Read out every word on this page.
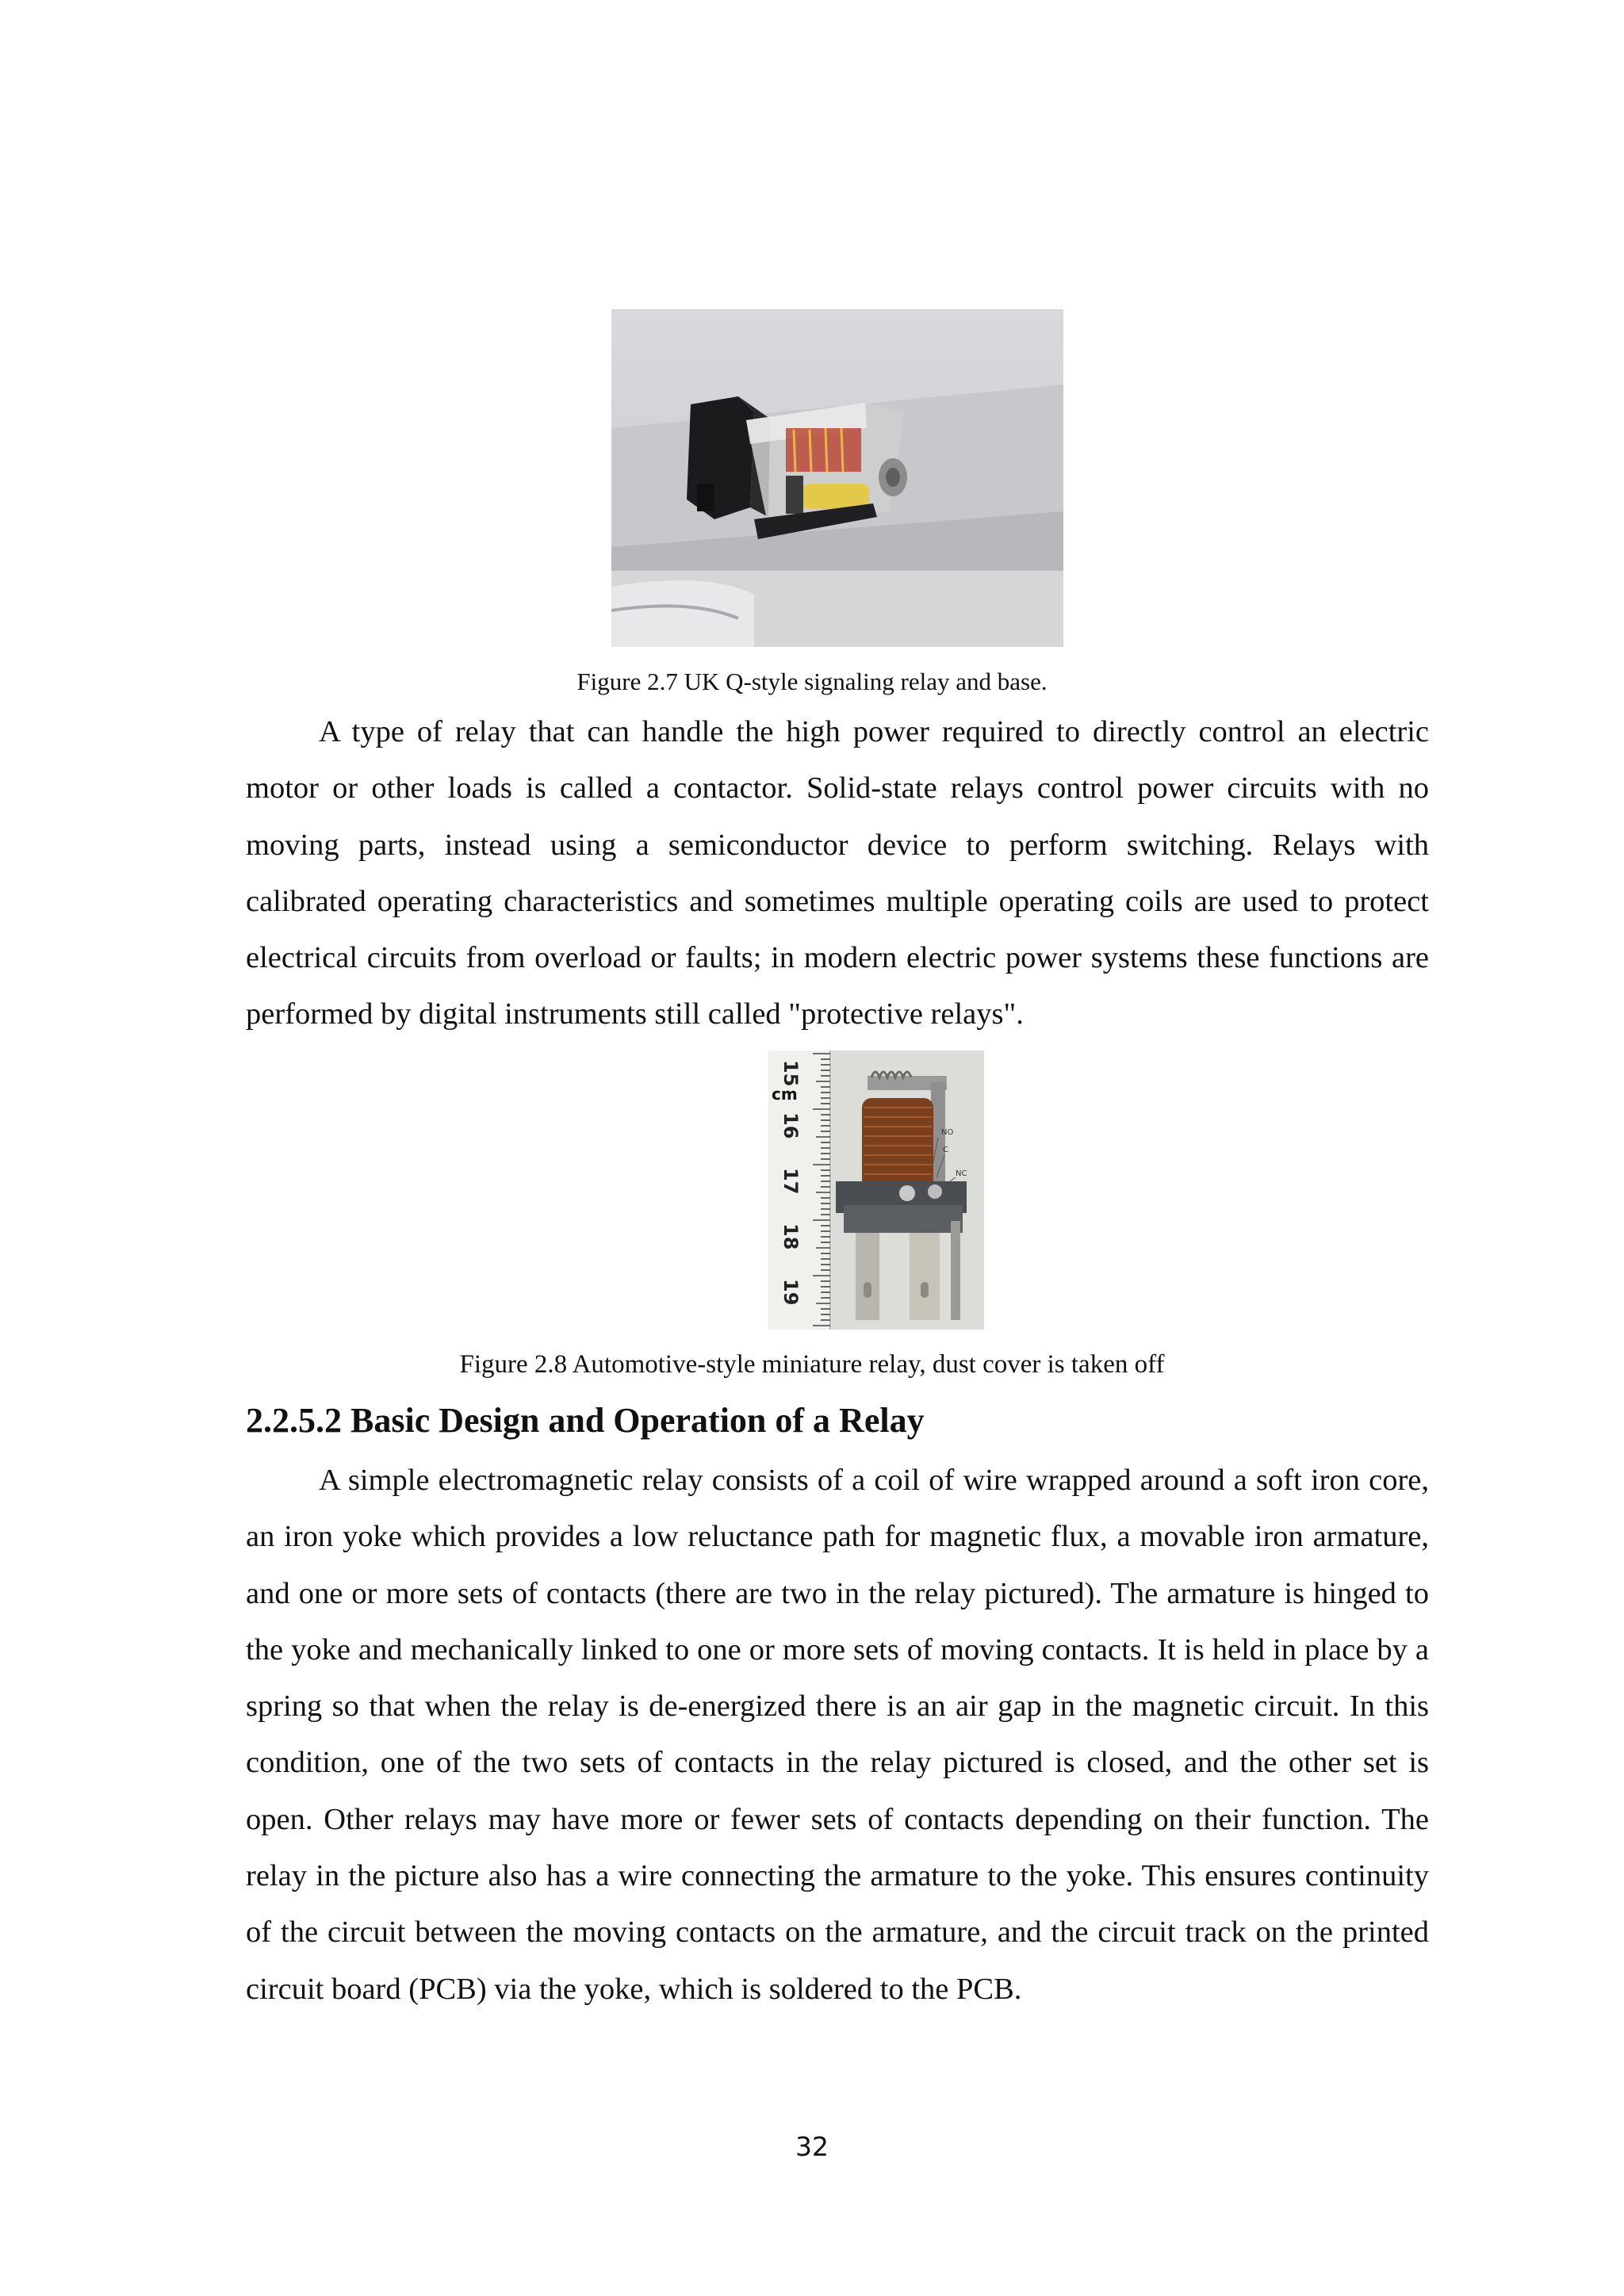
Figure 2.7 UK Q-style signaling relay and base.

A type of relay that can handle the high power required to directly control an electric motor or other loads is called a contactor. Solid-state relays control power circuits with no moving parts, instead using a semiconductor device to perform switching. Relays with calibrated operating characteristics and sometimes multiple operating coils are used to protect electrical circuits from overload or faults; in modern electric power systems these functions are performed by digital instruments still called "protective relays".

15
16
17
18
19
cm
NO
C
NC
Figure 2.8 Automotive-style miniature relay, dust cover is taken off
2.2.5.2 Basic Design and Operation of a Relay

A simple electromagnetic relay consists of a coil of wire wrapped around a soft iron core, an iron yoke which provides a low reluctance path for magnetic flux, a movable iron armature, and one or more sets of contacts (there are two in the relay pictured). The armature is hinged to the yoke and mechanically linked to one or more sets of moving contacts. It is held in place by a spring so that when the relay is de-energized there is an air gap in the magnetic circuit. In this condition, one of the two sets of contacts in the relay pictured is closed, and the other set is open. Other relays may have more or fewer sets of contacts depending on their function. The relay in the picture also has a wire connecting the armature to the yoke. This ensures continuity of the circuit between the moving contacts on the armature, and the circuit track on the printed circuit board (PCB) via the yoke, which is soldered to the PCB.

32
